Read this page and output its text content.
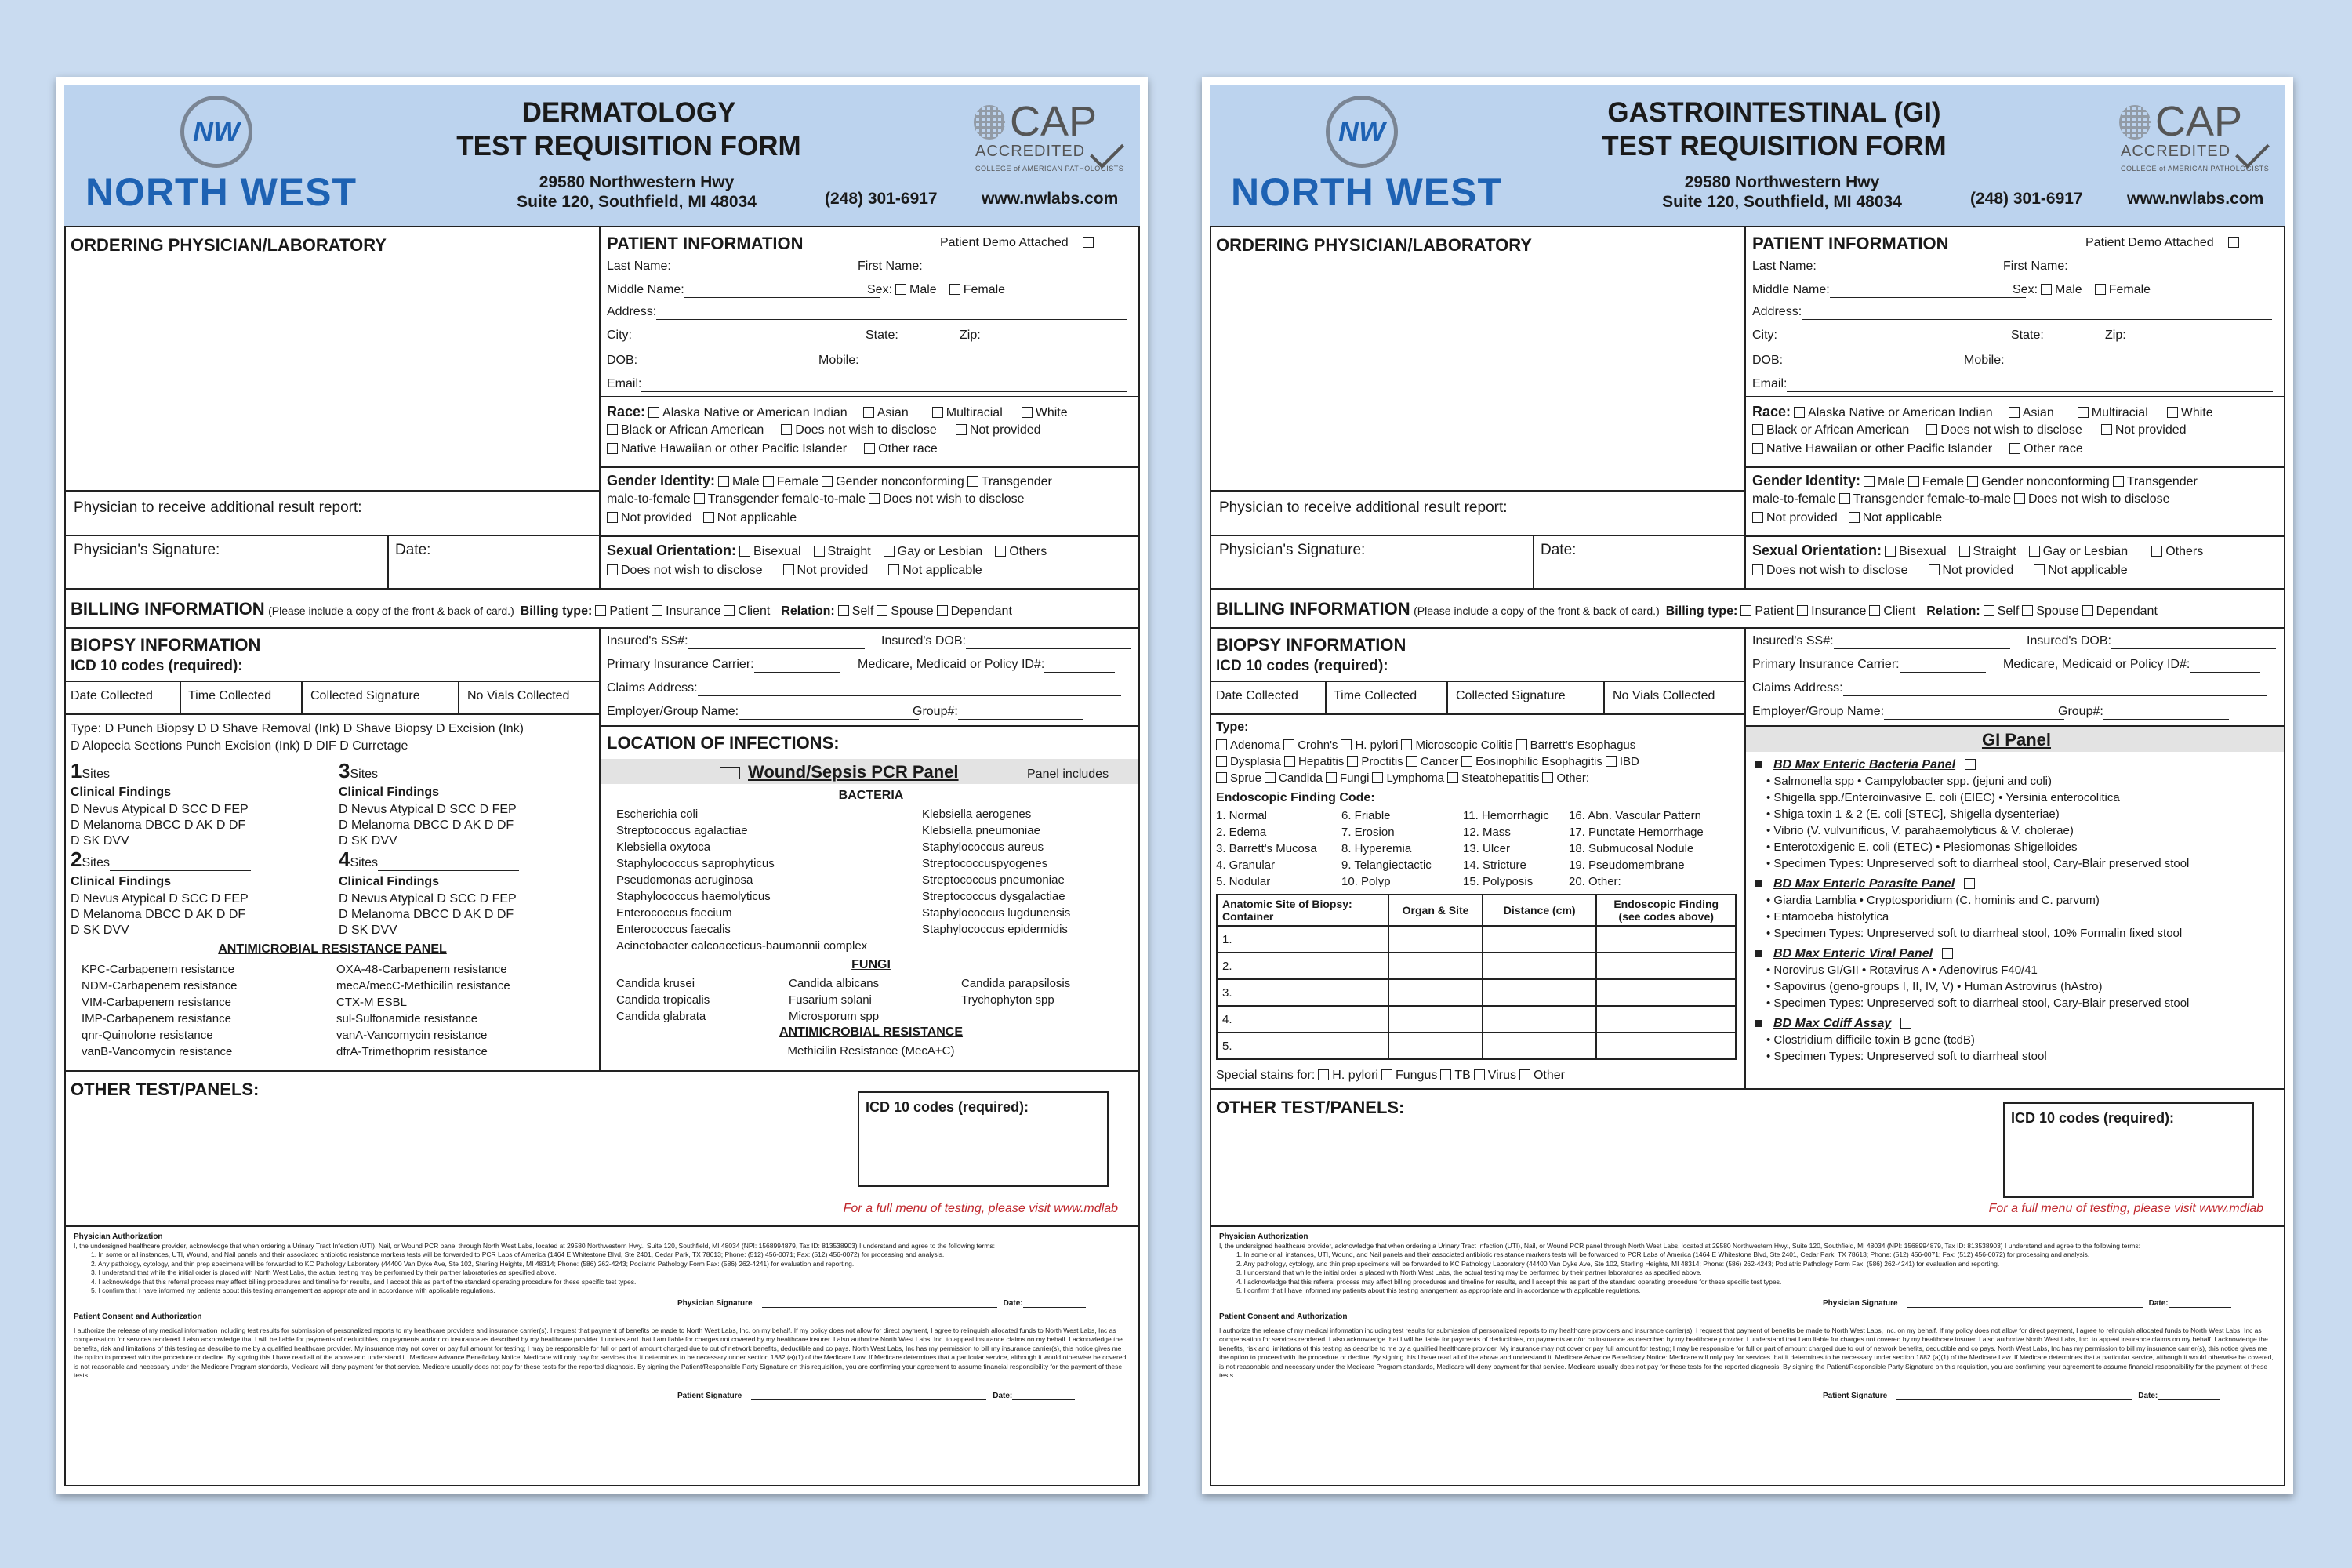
NW
NORTH WEST
DERMATOLOGY
TEST REQUISITION FORM
29580 Northwestern Hwy
Suite 120, Southfield, MI 48034	(248) 301-6917	www.nwlabs.com
CAP
ACCREDITED
COLLEGE of AMERICAN PATHOLOGISTS
ORDERING PHYSICIAN/LABORATORY
Physician to receive additional result report:
Physician's Signature:	Date:
PATIENT INFORMATION	Patient Demo Attached
Last Name:	First Name:
Middle Name:	Sex: Male Female
Address:
City:	State:	Zip:
DOB:	Mobile:
Email:
Race: Alaska Native or American Indian Asian	Multiracial	White
Black or African American	Does not wish to disclose	Not provided
Native Hawaiian or other Pacific Islander	Other race
Gender Identity: Male Female Gender nonconforming Transgender
male-to-female Transgender female-to-male Does not wish to disclose
Not provided Not applicable
Sexual Orientation: Bisexual Straight Gay or Lesbian Others
Does not wish to disclose	Not provided	Not applicable
BILLING INFORMATION (Please include a copy of the front & back of card.) Billing type: Patient Insurance Client Relation: Self Spouse Dependant
BIOPSY INFORMATION
ICD 10 codes (required):
Date Collected	Time Collected	Collected Signature	No Vials Collected
Type: D Punch Biopsy D D Shave Removal (Ink) D Shave Biopsy D Excision (Ink)
D Alopecia Sections Punch Excision (Ink) D DIF D Curretage
1Sites
Clinical Findings
D Nevus Atypical D SCC D FEP
D Melanoma DBCC D AK D DF
D SK DVV
3Sites
Clinical Findings
D Nevus Atypical D SCC D FEP
D Melanoma DBCC D AK D DF
D SK DVV
2Sites
Clinical Findings
D Nevus Atypical D SCC D FEP
D Melanoma DBCC D AK D DF
D SK DVV
4Sites
Clinical Findings
D Nevus Atypical D SCC D FEP
D Melanoma DBCC D AK D DF
D SK DVV
ANTIMICROBIAL RESISTANCE PANEL
KPC-Carbapenem resistance
NDM-Carbapenem resistance
VIM-Carbapenem resistance
IMP-Carbapenem resistance
qnr-Quinolone resistance
vanB-Vancomycin resistance
OXA-48-Carbapenem resistance
mecA/mecC-Methicilin resistance
CTX-M ESBL
sul-Sulfonamide resistance
vanA-Vancomycin resistance
dfrA-Trimethoprim resistance
Insured's SS#:	Insured's DOB:
Primary Insurance Carrier:	Medicare, Medicaid or Policy ID#:
Claims Address:
Employer/Group Name:	Group#:
LOCATION OF INFECTIONS:
Wound/Sepsis PCR Panel	Panel includes
BACTERIA
Escherichia coli
Streptococcus agalactiae
Klebsiella oxytoca
Staphylococcus saprophyticus
Pseudomonas aeruginosa
Staphylococcus haemolyticus
Enterococcus faecium
Enterococcus faecalis
Acinetobacter calcoaceticus-baumannii complex
Klebsiella aerogenes
Klebsiella pneumoniae
Staphylococcus aureus
Streptococcuspyogenes
Streptococcus pneumoniae
Streptococcus dysgalactiae
Staphylococcus lugdunensis
Staphylococcus epidermidis
FUNGI
Candida krusei	Candida albicans	Candida parapsilosis
Candida tropicalis	Fusarium solani	Trychophyton spp
Candida glabrata	Microsporum spp
ANTIMICROBIAL RESISTANCE
Methicilin Resistance (MecA+C)
OTHER TEST/PANELS:
ICD 10 codes (required):
For a full menu of testing, please visit www.mdlab
Physician Authorization
I, the undersigned healthcare provider, acknowledge that when ordering a Urinary Tract Infection (UTI), Nail, or Wound PCR panel through North West Labs, located at 29580 Northwestern Hwy., Suite 120, Southfield, MI 48034 (NPI: 1568994879, Tax ID: 813538903) I understand and agree to the following terms:
1. In some or all instances, UTI, Wound, and Nail panels and their associated antibiotic resistance markers tests will be forwarded to PCR Labs of America (1464 E Whitestone Blvd, Ste 2401, Cedar Park, TX 78613; Phone: (512) 456-0071; Fax: (512) 456-0072) for processing and analysis.
2. Any pathology, cytology, and thin prep specimens will be forwarded to KC Pathology Laboratory (44400 Van Dyke Ave, Ste 102, Sterling Heights, MI 48314; Phone: (586) 262-4243; Podiatric Pathology Form Fax: (586) 262-4241) for evaluation and reporting.
3. I understand that while the initial order is placed with North West Labs, the actual testing may be performed by their partner laboratories as specified above.
4. I acknowledge that this referral process may affect billing procedures and timeline for results, and I accept this as part of the standard operating procedure for these specific test types.
5. I confirm that I have informed my patients about this testing arrangement as appropriate and in accordance with applicable regulations.
Physician Signature	Date:
Patient Consent and Authorization
I authorize the release of my medical information including test results for submission of personalized reports to my healthcare providers and insurance carrier(s). I request that payment of benefits be made to North West Labs, Inc. on my behalf. If my policy does not allow for direct payment, I agree to relinquish allocated funds to North West Labs, Inc as compensation for services rendered. I also acknowledge that I will be liable for payments of deductibles, co payments and/or co insurance as described by my healthcare provider. I understand that I am liable for charges not covered by my healthcare insurer. I also authorize North West Labs, Inc. to appeal insurance claims on my behalf. I acknowledge the benefits, risk and limitations of this testing as describe to me by a qualified healthcare provider. My insurance may not cover or pay full amount for testing; I may be responsible for full or part of amount charged due to out of network benefits, deductible and co pays. North West Labs, Inc has my permission to bill my insurance carrier(s), this notice gives me the option to proceed with the procedure or decline. By signing this I have read all of the above and understand it. Medicare Advance Beneficiary Notice: Medicare will only pay for services that it determines to be necessary under section 1882 (a)(1) of the Medicare Law. If Medicare determines that a particular service, although it would otherwise be covered, is not reasonable and necessary under the Medicare Program standards, Medicare will deny payment for that service. Medicare usually does not pay for these tests for the reported diagnosis. By signing the Patient/Responsible Party Signature on this requisition, you are confirming your agreement to assume financial responsibility for the payment of these tests.
Patient Signature	Date:
NW
NORTH WEST
GASTROINTESTINAL (GI)
TEST REQUISITION FORM
29580 Northwestern Hwy
Suite 120, Southfield, MI 48034	(248) 301-6917	www.nwlabs.com
CAP
ACCREDITED
COLLEGE of AMERICAN PATHOLOGISTS
ORDERING PHYSICIAN/LABORATORY
Physician to receive additional result report:
Physician's Signature:	Date:
PATIENT INFORMATION	Patient Demo Attached
Last Name:	First Name:
Middle Name:	Sex: Male Female
Address:
City:	State:	Zip:
DOB:	Mobile:
Email:
Race: Alaska Native or American Indian Asian	Multiracial	White
Black or African American	Does not wish to disclose	Not provided
Native Hawaiian or other Pacific Islander	Other race
Gender Identity: Male Female Gender nonconforming Transgender
male-to-female Transgender female-to-male Does not wish to disclose
Not provided Not applicable
Sexual Orientation: Bisexual Straight Gay or Lesbian	Others
Does not wish to disclose	Not provided	Not applicable
BILLING INFORMATION (Please include a copy of the front & back of card.) Billing type: Patient Insurance Client Relation: Self Spouse Dependant
BIOPSY INFORMATION
ICD 10 codes (required):
Date Collected	Time Collected	Collected Signature	No Vials Collected
Type:
Adenoma Crohn's H. pylori Microscopic Colitis Barrett's Esophagus
Dysplasia Hepatitis Proctitis Cancer Eosinophilic Esophagitis IBD
Sprue Candida Fungi Lymphoma Steatohepatitis Other:
Endoscopic Finding Code:
1. Normal
2. Edema
3. Barrett's Mucosa
4. Granular
5. Nodular
6. Friable
7. Erosion
8. Hyperemia
9. Telangiectactic
10. Polyp
11. Hemorrhagic
12. Mass
13. Ulcer
14. Stricture
15. Polyposis
16. Abn. Vascular Pattern
17. Punctate Hemorrhage
18. Submucosal Nodule
19. Pseudomembrane
20. Other:
Anatomic Site of Biopsy: Container	Organ & Site	Distance (cm)	Endoscopic Finding (see codes above)
1.			
2.			
3.			
4.			
5.			
Special stains for: H. pylori Fungus TB Virus Other
Insured's SS#:	Insured's DOB:
Primary Insurance Carrier:	Medicare, Medicaid or Policy ID#:
Claims Address:
Employer/Group Name:	Group#:
GI Panel
BD Max Enteric Bacteria Panel
• Salmonella spp • Campylobacter spp. (jejuni and coli)
• Shigella spp./Enteroinvasive E. coli (EIEC) • Yersinia enterocolitica
• Shiga toxin 1 & 2 (E. coli [STEC], Shigella dysenteriae)
• Vibrio (V. vulvunificus, V. parahaemolyticus & V. cholerae)
• Enterotoxigenic E. coli (ETEC) • Plesiomonas Shigelloides
• Specimen Types: Unpreserved soft to diarrheal stool, Cary-Blair preserved stool
BD Max Enteric Parasite Panel
• Giardia Lamblia • Cryptosporidium (C. hominis and C. parvum)
• Entamoeba histolytica
• Specimen Types: Unpreserved soft to diarrheal stool, 10% Formalin fixed stool
BD Max Enteric Viral Panel
• Norovirus GI/GII • Rotavirus A • Adenovirus F40/41
• Sapovirus (geno-groups I, II, IV, V) • Human Astrovirus (hAstro)
• Specimen Types: Unpreserved soft to diarrheal stool, Cary-Blair preserved stool
BD Max Cdiff Assay
• Clostridium difficile toxin B gene (tcdB)
• Specimen Types: Unpreserved soft to diarrheal stool
OTHER TEST/PANELS:
ICD 10 codes (required):
For a full menu of testing, please visit www.mdlab
Physician Authorization
I, the undersigned healthcare provider, acknowledge that when ordering a Urinary Tract Infection (UTI), Nail, or Wound PCR panel through North West Labs, located at 29580 Northwestern Hwy., Suite 120, Southfield, MI 48034 (NPI: 1568994879, Tax ID: 813538903) I understand and agree to the following terms:
1. In some or all instances, UTI, Wound, and Nail panels and their associated antibiotic resistance markers tests will be forwarded to PCR Labs of America (1464 E Whitestone Blvd, Ste 2401, Cedar Park, TX 78613; Phone: (512) 456-0071; Fax: (512) 456-0072) for processing and analysis.
2. Any pathology, cytology, and thin prep specimens will be forwarded to KC Pathology Laboratory (44400 Van Dyke Ave, Ste 102, Sterling Heights, MI 48314; Phone: (586) 262-4243; Podiatric Pathology Form Fax: (586) 262-4241) for evaluation and reporting.
3. I understand that while the initial order is placed with North West Labs, the actual testing may be performed by their partner laboratories as specified above.
4. I acknowledge that this referral process may affect billing procedures and timeline for results, and I accept this as part of the standard operating procedure for these specific test types.
5. I confirm that I have informed my patients about this testing arrangement as appropriate and in accordance with applicable regulations.
Physician Signature	Date:
Patient Consent and Authorization
I authorize the release of my medical information including test results for submission of personalized reports to my healthcare providers and insurance carrier(s). I request that payment of benefits be made to North West Labs, Inc. on my behalf. If my policy does not allow for direct payment, I agree to relinquish allocated funds to North West Labs, Inc as compensation for services rendered. I also acknowledge that I will be liable for payments of deductibles, co payments and/or co insurance as described by my healthcare provider. I understand that I am liable for charges not covered by my healthcare insurer. I also authorize North West Labs, Inc. to appeal insurance claims on my behalf. I acknowledge the benefits, risk and limitations of this testing as describe to me by a qualified healthcare provider. My insurance may not cover or pay full amount for testing; I may be responsible for full or part of amount charged due to out of network benefits, deductible and co pays. North West Labs, Inc has my permission to bill my insurance carrier(s), this notice gives me the option to proceed with the procedure or decline. By signing this I have read all of the above and understand it. Medicare Advance Beneficiary Notice: Medicare will only pay for services that it determines to be necessary under section 1882 (a)(1) of the Medicare Law. If Medicare determines that a particular service, although it would otherwise be covered, is not reasonable and necessary under the Medicare Program standards, Medicare will deny payment for that service. Medicare usually does not pay for these tests for the reported diagnosis. By signing the Patient/Responsible Party Signature on this requisition, you are confirming your agreement to assume financial responsibility for the payment of these tests.
Patient Signature	Date:
